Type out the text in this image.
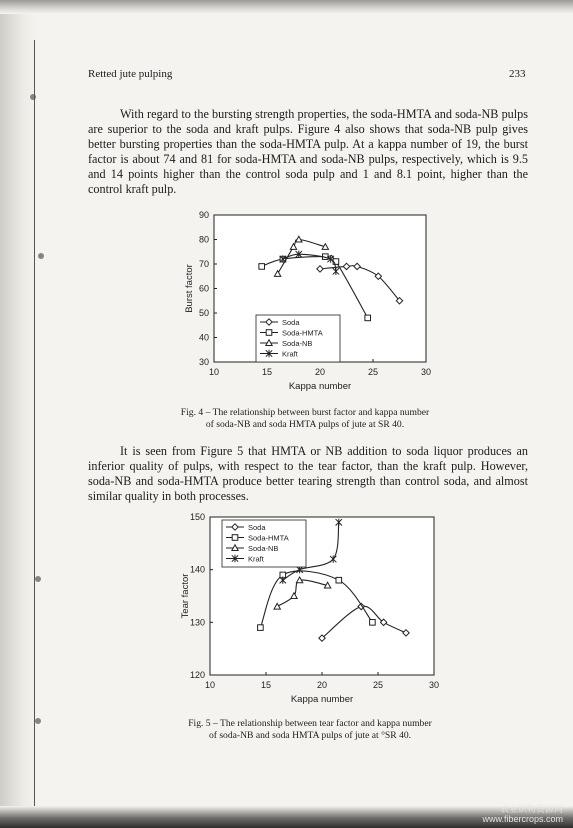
Retted jute pulping	233

With regard to the bursting strength properties, the soda-HMTA and soda-NB pulps are superior to the soda and kraft pulps. Figure 4 also shows that soda-NB pulp gives better bursting properties than the soda-HMTA pulp. At a kappa number of 19, the burst factor is about 74 and 81 for soda-HMTA and soda-NB pulps, respectively, which is 9.5 and 14 points higher than the control soda pulp and 1 and 8.1 point, higher than the control kraft pulp.

10	15	20	25	30
30
40
50
60
70
80
90
Kappa number
Burst factor
Soda
Soda-HMTA
Soda-NB
Kraft

Fig. 4 – The relationship between burst factor and kappa number
of soda-NB and soda HMTA pulps of jute at SR 40.

It is seen from Figure 5 that HMTA or NB addition to soda liquor produces an inferior quality of pulps, with respect to the tear factor, than the kraft pulp. However, soda-NB and soda-HMTA produce better tearing strength than control soda, and almost similar quality in both processes.

10	15	20	25	30
120
130
140
150
Kappa number
Tear factor
Soda
Soda-HMTA
Soda-NB
Kraft

Fig. 5 – The relationship between tear factor and kappa number
of soda-NB and soda HMTA pulps of jute at °SR 40.

农业织物资源网
www.fibercrops.com
